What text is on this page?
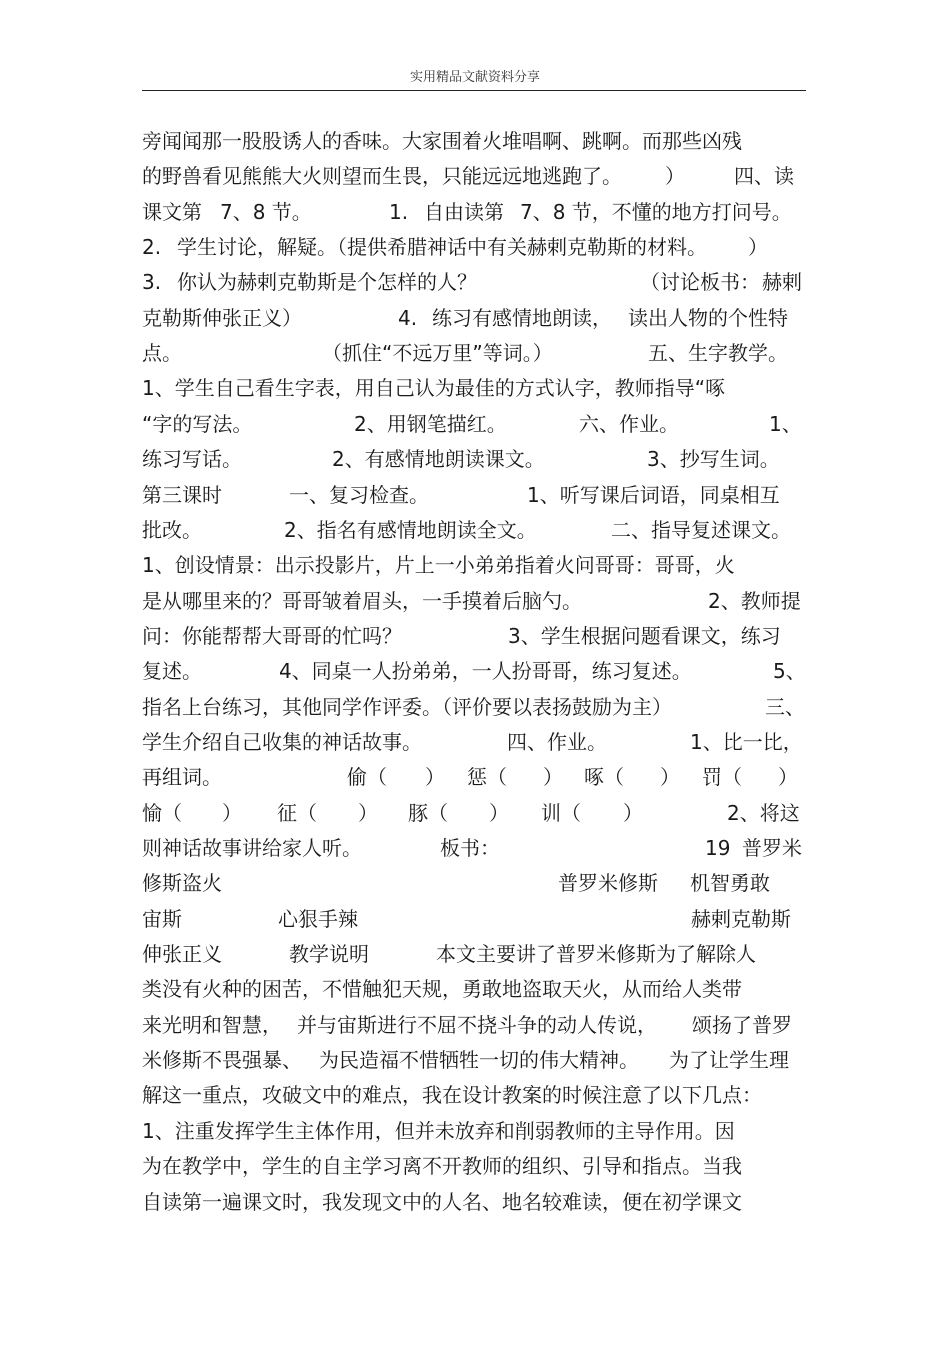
实用精品文献资料分享
旁闻闻那一股股诱人的香味。大家围着火堆唱啊、跳啊。而那些凶残
的野兽看见熊熊大火则望而生畏，只能远远地逃跑了。 ） 四、读
课文第 7、8 节。	1. 自由读第 7、8 节，不懂的地方打问号。
2. 学生讨论，解疑。（提供希腊神话中有关赫剌克勒斯的材料。 ）
3. 你认为赫剌克勒斯是个怎样的人？	（讨论板书： 赫剌
克勒斯伸张正义）	4. 练习有感情地朗读， 读出人物的个性特
点。	（抓住“不远万里”等词。）	五、生字教学。
1、学生自己看生字表，用自己认为最佳的方式认字，教师指导“啄
“字的写法。	2、用钢笔描红。	六、作业。	1、
练习写话。	2、有感情地朗读课文。	3、抄写生词。
第三课时	一、复习检查。	1、听写课后词语，同桌相互
批改。	2、指名有感情地朗读全文。	二、指导复述课文。
1、创设情景：出示投影片，片上一小弟弟指着火问哥哥：哥哥，火
是从哪里来的？哥哥皱着眉头，一手摸着后脑勺。	2、教师提
问：你能帮帮大哥哥的忙吗？	3、学生根据问题看课文，练习
复述。	4、同桌一人扮弟弟，一人扮哥哥，练习复述。	5、
指名上台练习，其他同学作评委。（评价要以表扬鼓励为主）	三、
学生介绍自己收集的神话故事。	四、作业。	1、比一比，
再组词。	偷（ ） 惩（ ） 啄（ ） 罚（ ）
愉（ ） 征（ ） 豚（ ） 训（ ）	2、将这
则神话故事讲给家人听。	板书：	19 普罗米
修斯盗火	普罗米修斯 机智勇敢
宙斯	心狠手辣	赫剌克勒斯
伸张正义	教学说明	本文主要讲了普罗米修斯为了解除人
类没有火种的困苦，不惜触犯天规，勇敢地盗取天火，从而给人类带
来光明和智慧， 并与宙斯进行不屈不挠斗争的动人传说， 颂扬了普罗
米修斯不畏强暴、 为民造福不惜牺牲一切的伟大精神。 为了让学生理
解这一重点，攻破文中的难点，我在设计教案的时候注意了以下几点：
1、注重发挥学生主体作用，但并未放弃和削弱教师的主导作用。因
为在教学中，学生的自主学习离不开教师的组织、引导和指点。当我
自读第一遍课文时，我发现文中的人名、地名较难读，便在初学课文
